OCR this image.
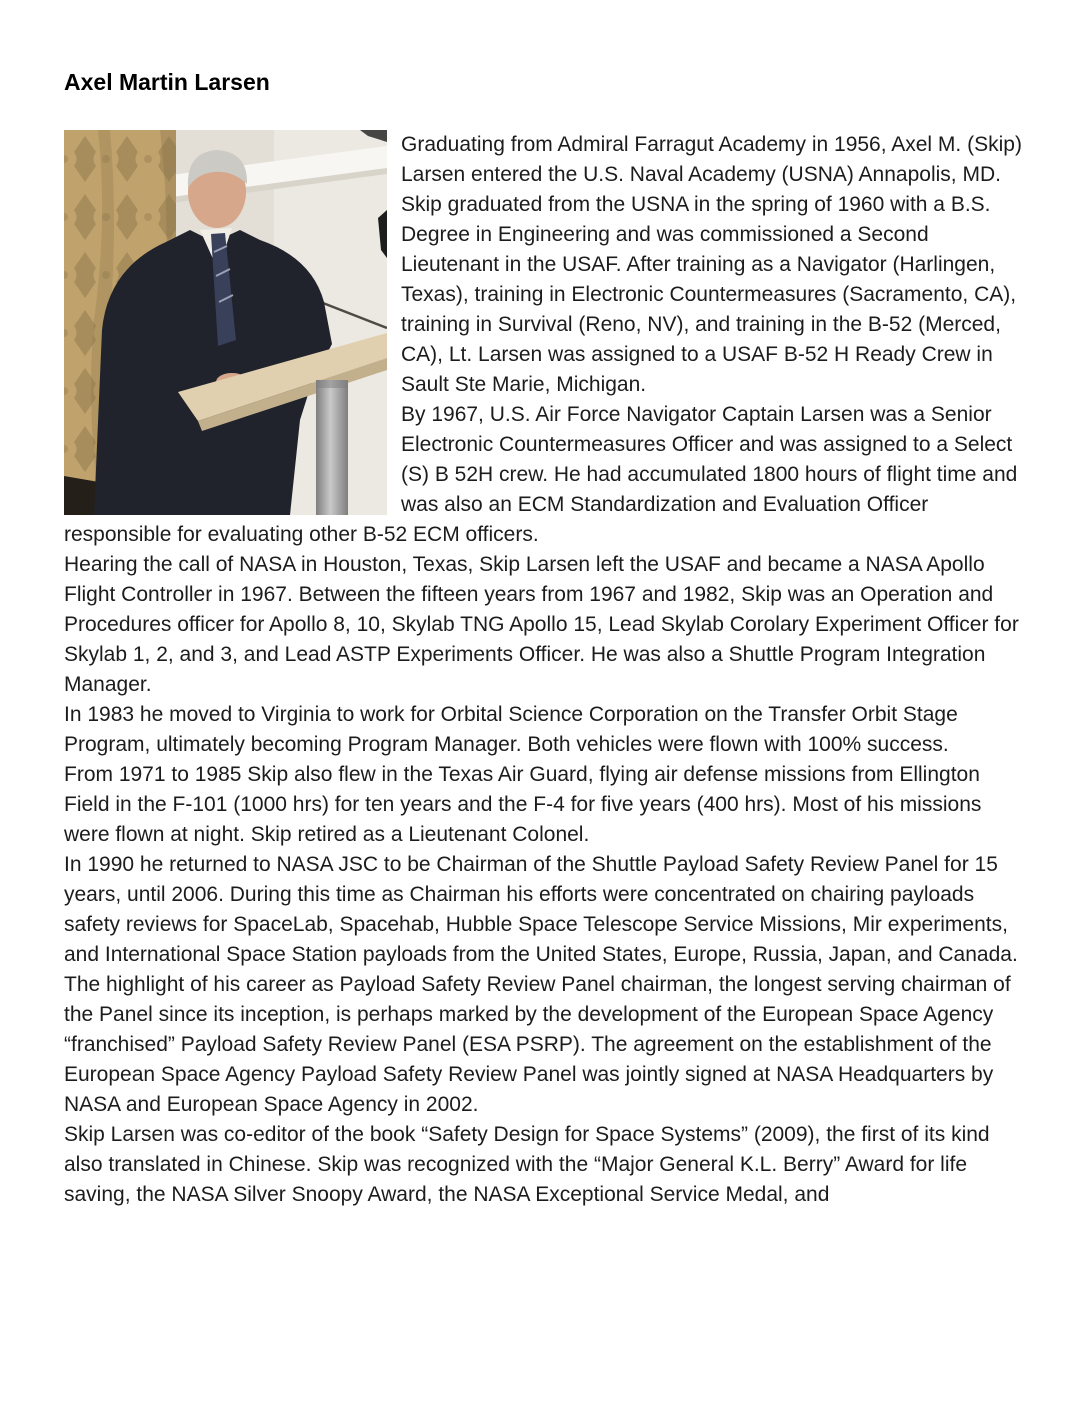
Axel Martin Larsen

Graduating from Admiral Farragut Academy in 1956, Axel M. (Skip) Larsen entered the U.S. Naval Academy (USNA) Annapolis, MD. Skip graduated from the USNA in the spring of 1960 with a B.S. Degree in Engineering and was commissioned a Second Lieutenant in the USAF. After training as a Navigator (Harlingen, Texas), training in Electronic Countermeasures (Sacramento, CA), training in Survival (Reno, NV), and training in the B-52 (Merced, CA), Lt. Larsen was assigned to a USAF B-52 H Ready Crew in Sault Ste Marie, Michigan.

By 1967, U.S. Air Force Navigator Captain Larsen was a Senior Electronic Countermeasures Officer and was assigned to a Select (S) B 52H crew. He had accumulated 1800 hours of flight time and was also an ECM Standardization and Evaluation Officer responsible for evaluating other B-52 ECM officers.

Hearing the call of NASA in Houston, Texas, Skip Larsen left the USAF and became a NASA Apollo Flight Controller in 1967. Between the fifteen years from 1967 and 1982, Skip was an Operation and Procedures officer for Apollo 8, 10, Skylab TNG Apollo 15, Lead Skylab Corolary Experiment Officer for Skylab 1, 2, and 3, and Lead ASTP Experiments Officer. He was also a Shuttle Program Integration Manager.

In 1983 he moved to Virginia to work for Orbital Science Corporation on the Transfer Orbit Stage Program, ultimately becoming Program Manager. Both vehicles were flown with 100% success.

From 1971 to 1985 Skip also flew in the Texas Air Guard, flying air defense missions from Ellington Field in the F-101 (1000 hrs) for ten years and the F-4 for five years (400 hrs). Most of his missions were flown at night. Skip retired as a Lieutenant Colonel.

In 1990 he returned to NASA JSC to be Chairman of the Shuttle Payload Safety Review Panel for 15 years, until 2006. During this time as Chairman his efforts were concentrated on chairing payloads safety reviews for SpaceLab, Spacehab, Hubble Space Telescope Service Missions, Mir experiments, and International Space Station payloads from the United States, Europe, Russia, Japan, and Canada.

The highlight of his career as Payload Safety Review Panel chairman, the longest serving chairman of the Panel since its inception, is perhaps marked by the development of the European Space Agency “franchised” Payload Safety Review Panel (ESA PSRP). The agreement on the establishment of the European Space Agency Payload Safety Review Panel was jointly signed at NASA Headquarters by NASA and European Space Agency in 2002.

Skip Larsen was co-editor of the book “Safety Design for Space Systems” (2009), the first of its kind also translated in Chinese. Skip was recognized with the “Major General K.L. Berry” Award for life saving, the NASA Silver Snoopy Award, the NASA Exceptional Service Medal, and
